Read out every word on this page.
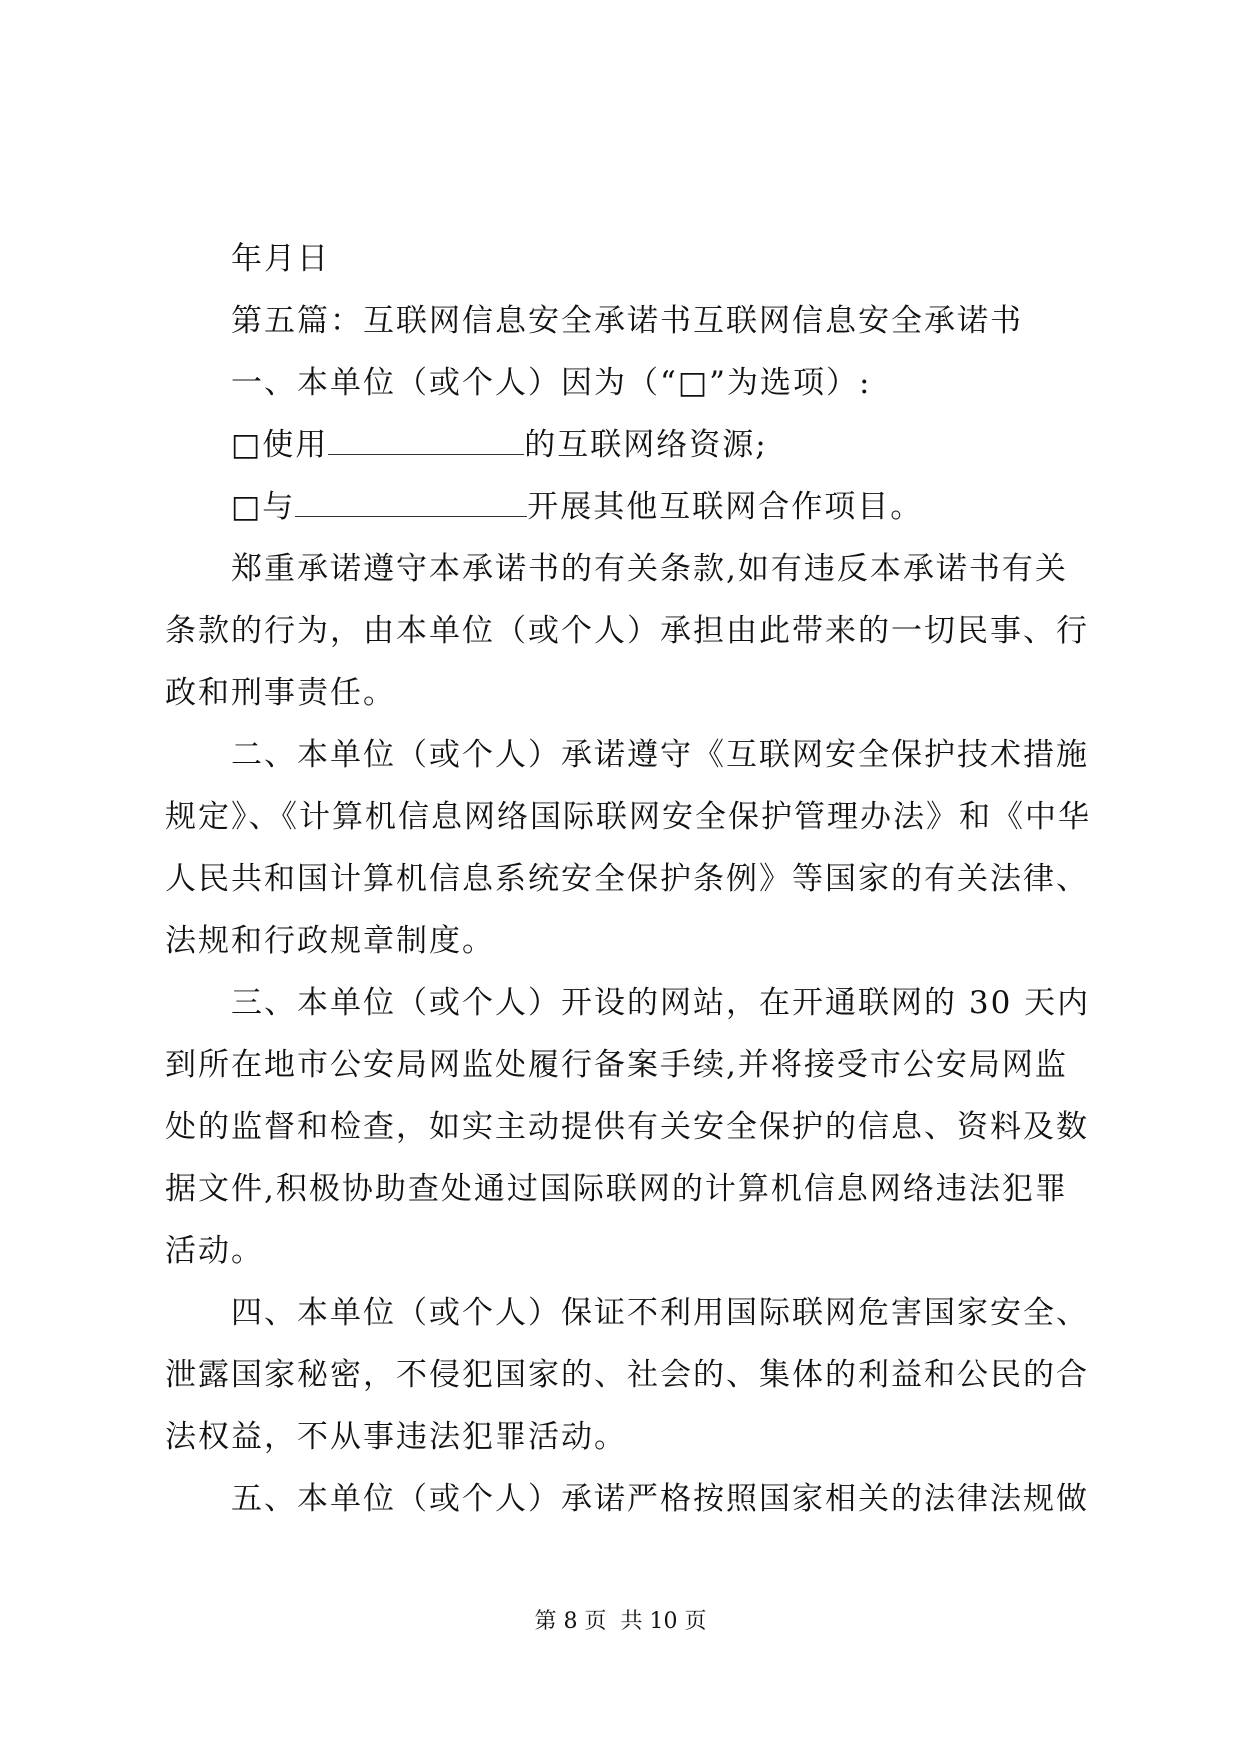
年月日
第五篇：互联网信息安全承诺书互联网信息安全承诺书
一、本单位（或个人）因为（“□”为选项）:
□使用	的互联网络资源;
□与	开展其他互联网合作项目。
郑重承诺遵守本承诺书的有关条款,如有违反本承诺书有关
条款的行为，由本单位（或个人）承担由此带来的一切民事、行
政和刑事责任。
二、本单位（或个人）承诺遵守《互联网安全保护技术措施
规定》、《计算机信息网络国际联网安全保护管理办法》和《中华
人民共和国计算机信息系统安全保护条例》等国家的有关法律、
法规和行政规章制度。
三、本单位（或个人）开设的网站，在开通联网的 30 天内
到所在地市公安局网监处履行备案手续,并将接受市公安局网监
处的监督和检查，如实主动提供有关安全保护的信息、资料及数
据文件,积极协助查处通过国际联网的计算机信息网络违法犯罪
活动。
四、本单位（或个人）保证不利用国际联网危害国家安全、
泄露国家秘密，不侵犯国家的、社会的、集体的利益和公民的合
法权益，不从事违法犯罪活动。
五、本单位（或个人）承诺严格按照国家相关的法律法规做
第 8 页  共 10 页
